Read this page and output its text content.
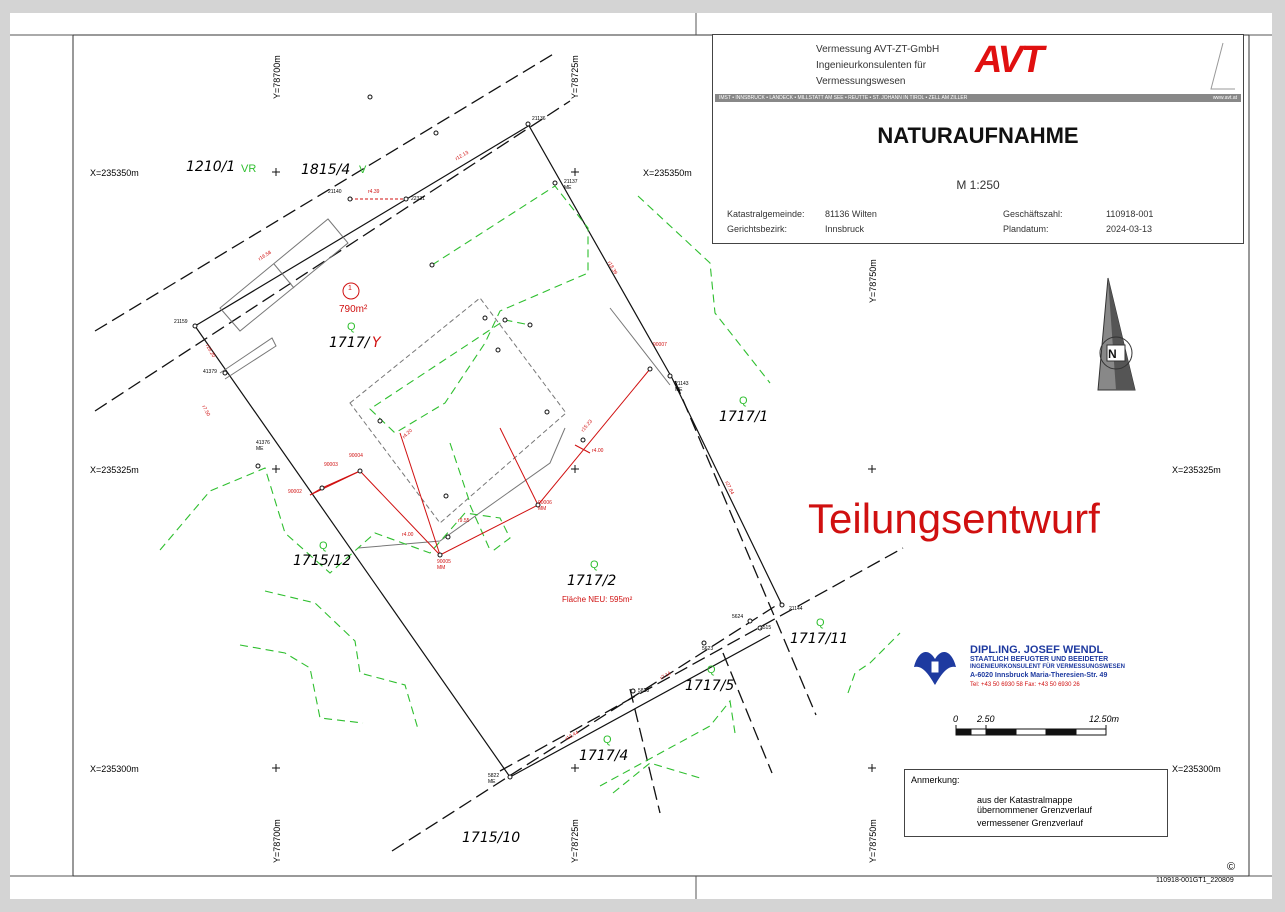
X=235350m	X=235350m
X=235325m	X=235325m
X=235300m	X=235300m
Y=78700m	Y=78725m
Y=78750m
Y=78700m	Y=78725m	Y=78750m
1210/1 VR	1815/4 V
1717/ Y
Q
1717/1
Q
1715/12
Q
1717/2
Q
1717/11
Q
1717/5
Q
1717/4
Q
1715/10
1
790m²
Fläche NEU: 595m²
21136
21137
ME
21140
22331
21159
41379
41376
ME
90007
21143
ME
90002
90003
90004
90006
MM
90005
MM
5624
21144
3515
5623
5818
5822
ME
r12.13
r4.39
r16.58
r18.39
r27.84
r4.20
r15.23
r4.00
r9.55
r4.00
r12.44
r7.14
r7.50
r16.20
Vermessung AVT-ZT-GmbH
Ingenieurkonsulenten für
Vermessungswesen
AVT
IMST • INNSBRUCK • LANDECK • MILLSTATT AM SEE • REUTTE • ST. JOHANN IN TIROL • ZELL AM ZILLER	www.avt.at
NATURAUFNAHME
M 1:250
Katastralgemeinde: 81136 Wilten
Gerichtsbezirk:	Innsbruck
Geschäftszahl:	110918-001
Plandatum:	2024-03-13
Teilungsentwurf
N
DIPL.ING. JOSEF WENDL
STAATLICH BEFUGTER UND BEEIDETER
INGENIEURKONSULENT FÜR VERMESSUNGSWESEN
A-6020 Innsbruck Maria-Theresien-Str. 49
Tel: +43 50 6930 58 Fax: +43 50 6930 26
0 2.50	12.50m
Anmerkung:
aus der Katastralmappe
übernommener Grenzverlauf
vermessener Grenzverlauf
©
110918-001GT1_220809
